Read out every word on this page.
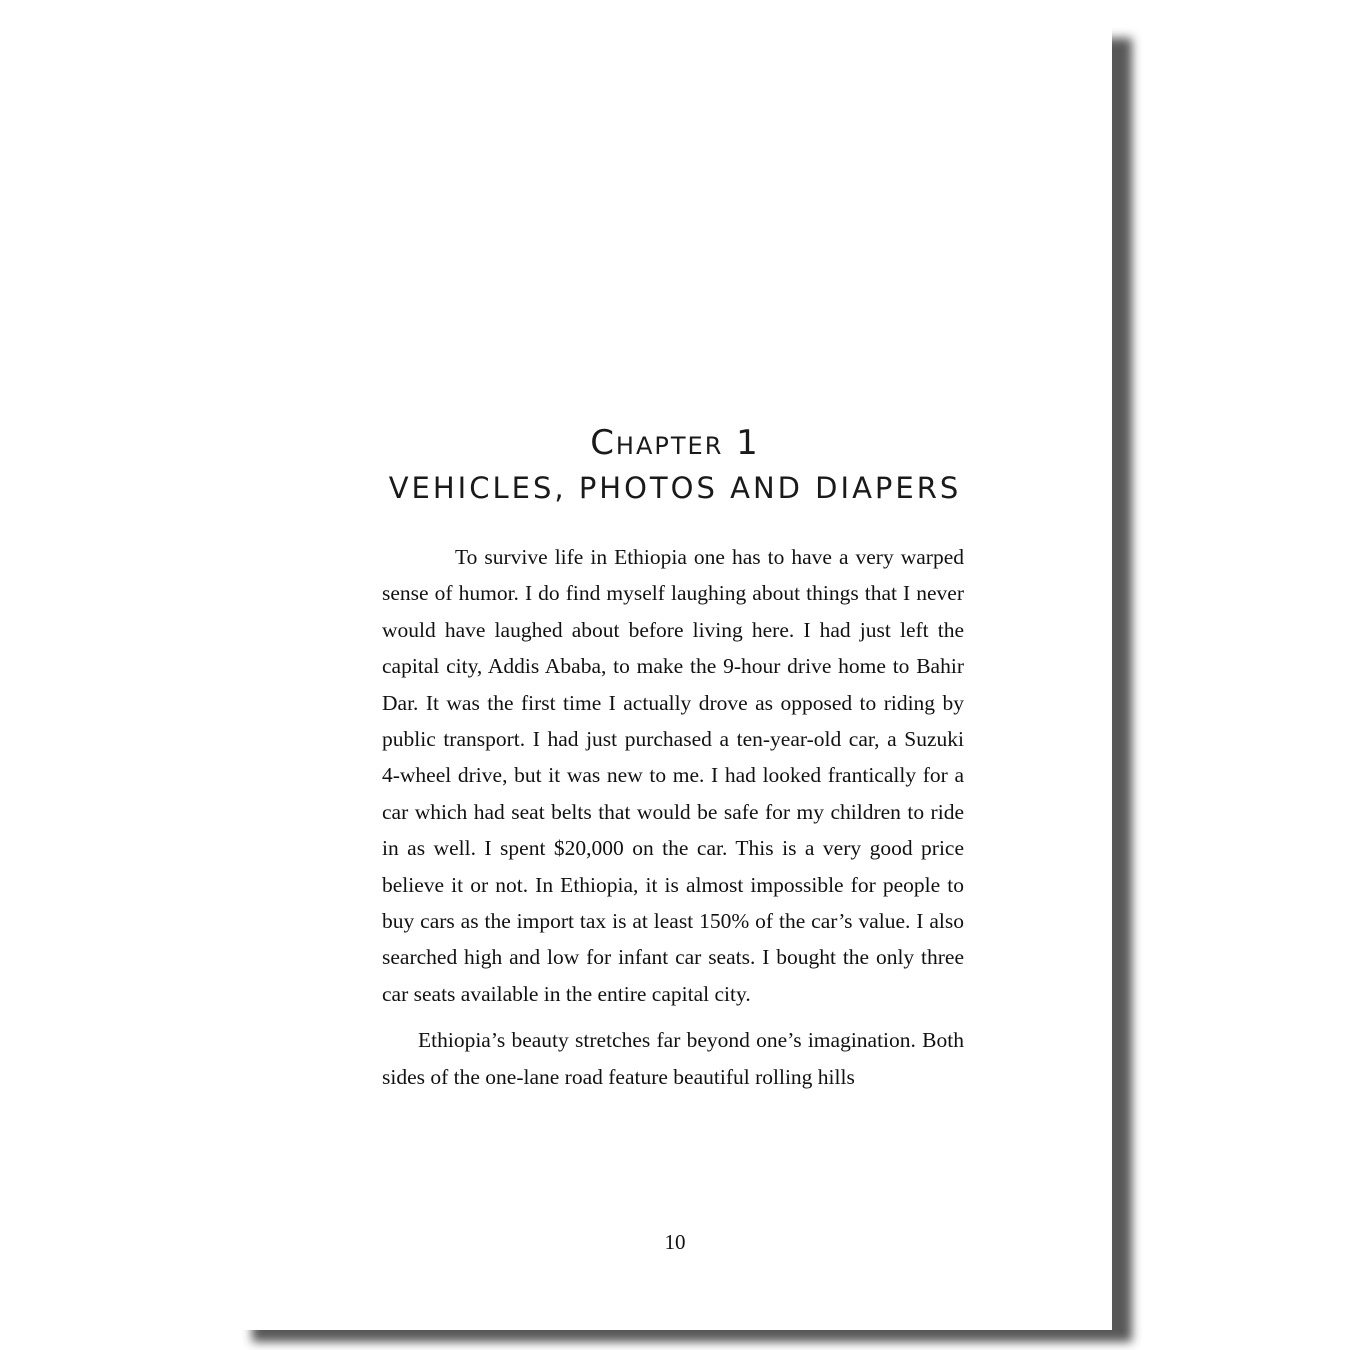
Chapter 1
VEHICLES, PHOTOS AND DIAPERS

To survive life in Ethiopia one has to have a very warped sense of humor. I do find myself laughing about things that I never would have laughed about before living here. I had just left the capital city, Addis Ababa, to make the 9-hour drive home to Bahir Dar. It was the first time I actually drove as opposed to riding by public transport. I had just purchased a ten-year-old car, a Suzuki 4-wheel drive, but it was new to me. I had looked frantically for a car which had seat belts that would be safe for my children to ride in as well. I spent $20,000 on the car. This is a very good price believe it or not. In Ethiopia, it is almost impossible for people to buy cars as the import tax is at least 150% of the car’s value. I also searched high and low for infant car seats. I bought the only three car seats available in the entire capital city.

Ethiopia’s beauty stretches far beyond one’s imagination. Both sides of the one-lane road feature beautiful rolling hills

10
